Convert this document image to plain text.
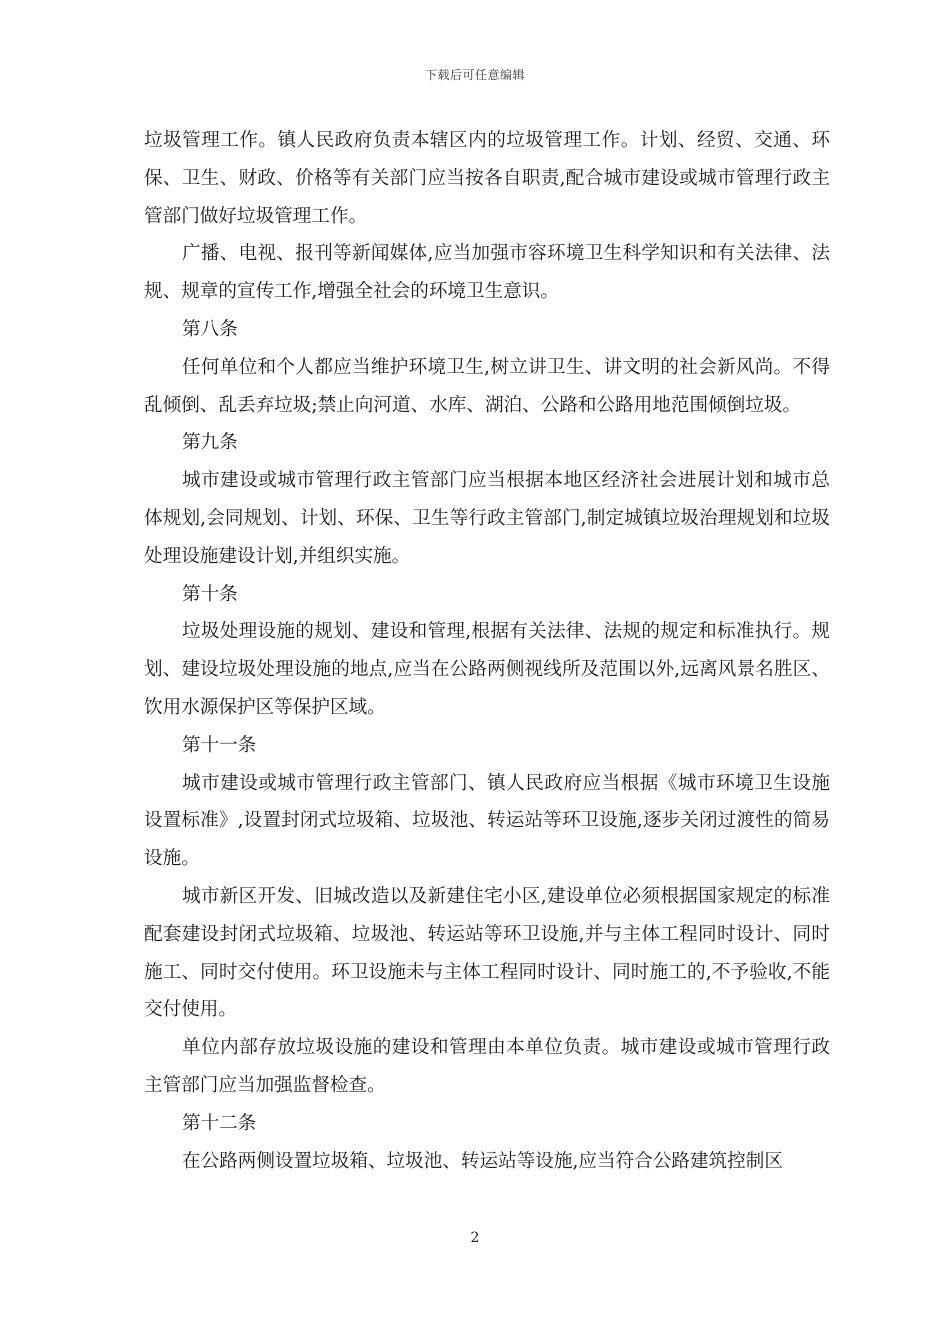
下载后可任意编辑

垃圾管理工作。镇人民政府负责本辖区内的垃圾管理工作。计划、经贸、交通、环保、卫生、财政、价格等有关部门应当按各自职责,配合城市建设或城市管理行政主管部门做好垃圾管理工作。

广播、电视、报刊等新闻媒体,应当加强市容环境卫生科学知识和有关法律、法规、规章的宣传工作,增强全社会的环境卫生意识。

第八条

任何单位和个人都应当维护环境卫生,树立讲卫生、讲文明的社会新风尚。不得乱倾倒、乱丢弃垃圾;禁止向河道、水库、湖泊、公路和公路用地范围倾倒垃圾。

第九条

城市建设或城市管理行政主管部门应当根据本地区经济社会进展计划和城市总体规划,会同规划、计划、环保、卫生等行政主管部门,制定城镇垃圾治理规划和垃圾处理设施建设计划,并组织实施。

第十条

垃圾处理设施的规划、建设和管理,根据有关法律、法规的规定和标准执行。规划、建设垃圾处理设施的地点,应当在公路两侧视线所及范围以外,远离风景名胜区、饮用水源保护区等保护区域。

第十一条

城市建设或城市管理行政主管部门、镇人民政府应当根据《城市环境卫生设施设置标准》,设置封闭式垃圾箱、垃圾池、转运站等环卫设施,逐步关闭过渡性的简易设施。

城市新区开发、旧城改造以及新建住宅小区,建设单位必须根据国家规定的标准配套建设封闭式垃圾箱、垃圾池、转运站等环卫设施,并与主体工程同时设计、同时施工、同时交付使用。环卫设施未与主体工程同时设计、同时施工的,不予验收,不能交付使用。

单位内部存放垃圾设施的建设和管理由本单位负责。城市建设或城市管理行政主管部门应当加强监督检查。

第十二条

在公路两侧设置垃圾箱、垃圾池、转运站等设施,应当符合公路建筑控制区

2
